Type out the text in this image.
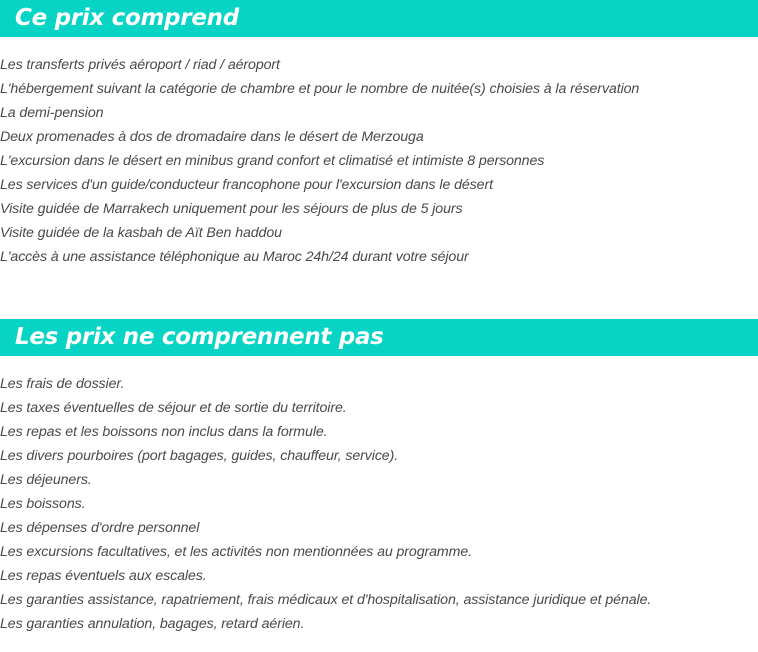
Ce prix comprend
Les transferts privés aéroport / riad / aéroport
L'hébergement suivant la catégorie de chambre et pour le nombre de nuitée(s) choisies à la réservation
La demi-pension
Deux promenades à dos de dromadaire dans le désert de Merzouga
L'excursion dans le désert en minibus grand confort et climatisé et intimiste 8 personnes
Les services d'un guide/conducteur francophone pour l'excursion dans le désert
Visite guidée de Marrakech uniquement pour les séjours de plus de 5 jours
Visite guidée de la kasbah de Aït Ben haddou
L'accès à une assistance téléphonique au Maroc 24h/24 durant votre séjour
Les prix ne comprennent pas
Les frais de dossier.
Les taxes éventuelles de séjour et de sortie du territoire.
Les repas et les boissons non inclus dans la formule.
Les divers pourboires (port bagages, guides, chauffeur, service).
Les déjeuners.
Les boissons.
Les dépenses d'ordre personnel
Les excursions facultatives, et les activités non mentionnées au programme.
Les repas éventuels aux escales.
Les garanties assistance, rapatriement, frais médicaux et d'hospitalisation, assistance juridique et pénale.
Les garanties annulation, bagages, retard aérien.
